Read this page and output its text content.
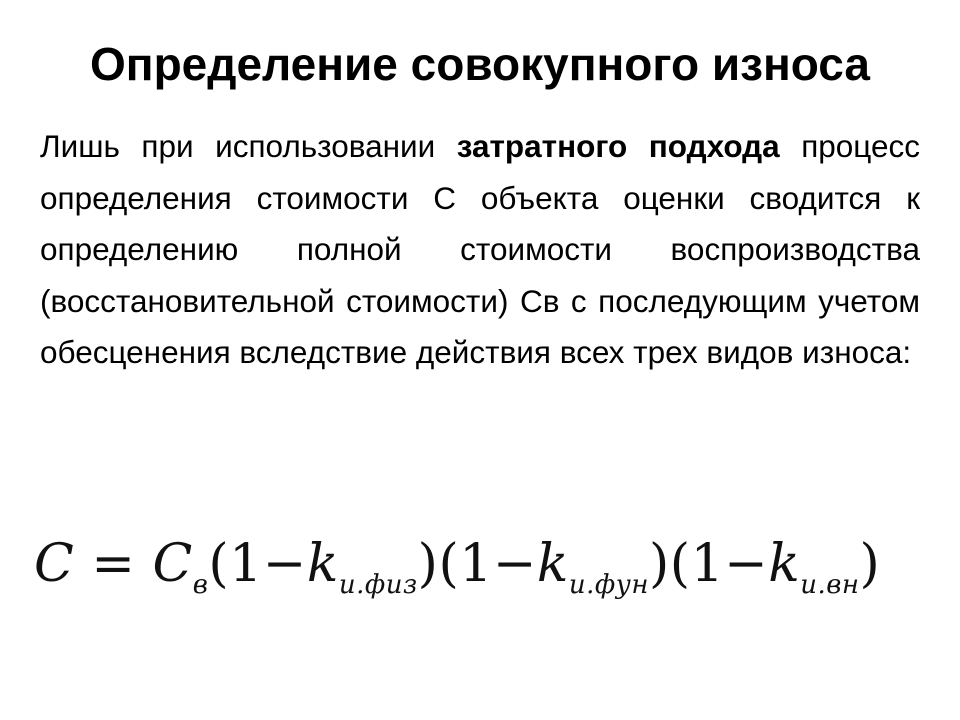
Определение совокупного износа

Лишь при использовании затратного подхода процесс определения стоимости С объекта оценки сводится к определению полной стоимости воспроизводства (восстановительной стоимости) Св с последующим учетом обесценения вследствие действия всех трех видов износа:

$C = C_в(1-k_{и.физ})(1-k_{и.фун})(1-k_{и.вн})$
